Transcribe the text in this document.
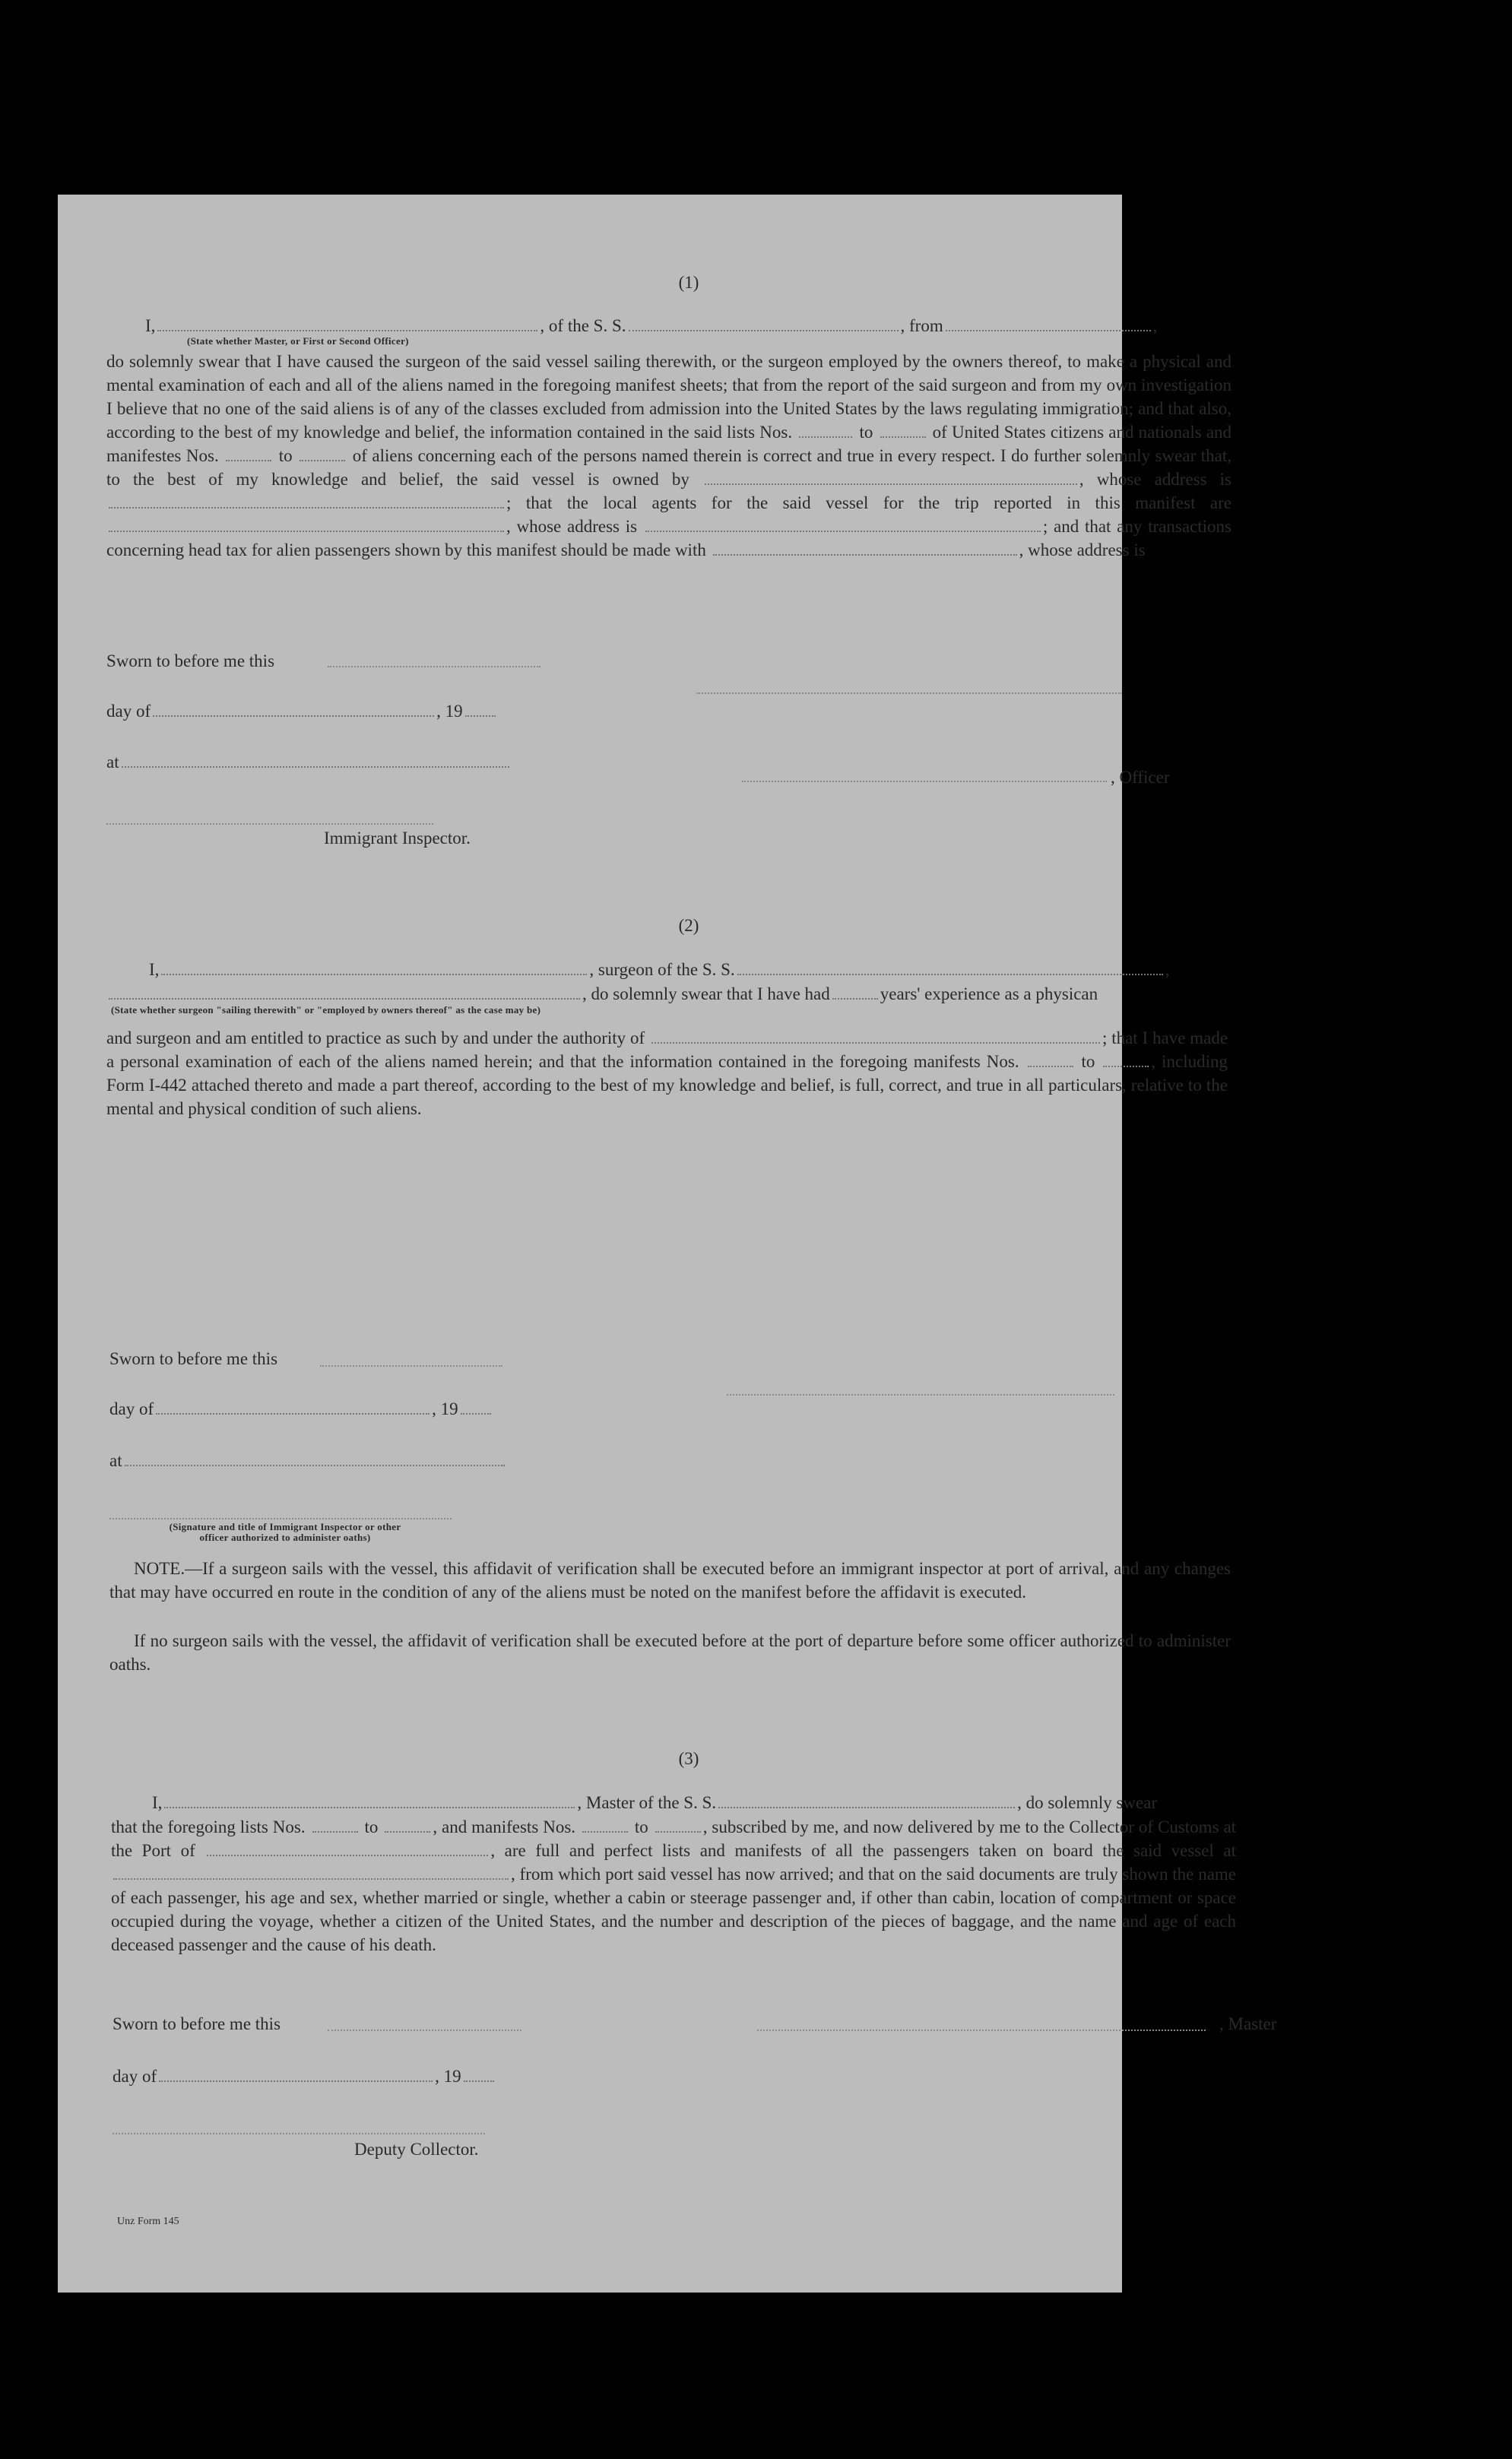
(1)
I,	, of the S. S.	, from	,
(State whether Master, or First or Second Officer)
do solemnly swear that I have caused the surgeon of the said vessel sailing therewith, or the surgeon employed by the owners thereof, to make a physical and mental examination of each and all of the aliens named in the foregoing manifest sheets; that from the report of the said surgeon and from my own investigation I believe that no one of the said aliens is of any of the classes excluded from admission into the United States by the laws regulating immigration; and that also, according to the best of my knowledge and belief, the information contained in the said lists Nos.	to	of United States citizens and nationals and manifestes Nos.	to	of aliens concerning each of the persons named therein is correct and true in every respect. I do further solemnly swear that, to the best of my knowledge and belief, the said vessel is owned by	, whose address is ; that the local agents for the said vessel for the trip reported in this manifest are , whose address is	; and that any transactions concerning head tax for alien passengers shown by this manifest should be made with	, whose address is
Sworn to before me this
day of	, 19
at
, Officer
Immigrant Inspector.
(2)
I,	, surgeon of the S. S.	,
, do solemnly swear that I have had	years' experience as a physican
(State whether surgeon "sailing therewith" or "employed by owners thereof" as the case may be)
and surgeon and am entitled to practice as such by and under the authority of	; that I have made a personal examination of each of the aliens named herein; and that the information contained in the foregoing manifests Nos.	to	, including Form I-442 attached thereto and made a part thereof, according to the best of my knowledge and belief, is full, correct, and true in all particulars, relative to the mental and physical condition of such aliens.
Sworn to before me this
day of	, 19
at
(Signature and title of Immigrant Inspector or other
officer authorized to administer oaths)
NOTE.—If a surgeon sails with the vessel, this affidavit of verification shall be executed before an immigrant inspector at port of arrival, and any changes that may have occurred en route in the condition of any of the aliens must be noted on the manifest before the affidavit is executed.
If no surgeon sails with the vessel, the affidavit of verification shall be executed before at the port of departure before some officer authorized to administer oaths.
(3)
I,	, Master of the S. S.	, do solemnly swear
that the foregoing lists Nos.	to	, and manifests Nos.	to	, subscribed by me, and now delivered by me to the Collector of Customs at the Port of	, are full and perfect lists and manifests of all the passengers taken on board the said vessel at , from which port said vessel has now arrived; and that on the said documents are truly shown the name of each passenger, his age and sex, whether married or single, whether a cabin or steerage passenger and, if other than cabin, location of compartment or space occupied during the voyage, whether a citizen of the United States, and the number and description of the pieces of baggage, and the name and age of each deceased passenger and the cause of his death.
Sworn to before me this	, Master
day of	, 19
Deputy Collector.
Unz Form 145
